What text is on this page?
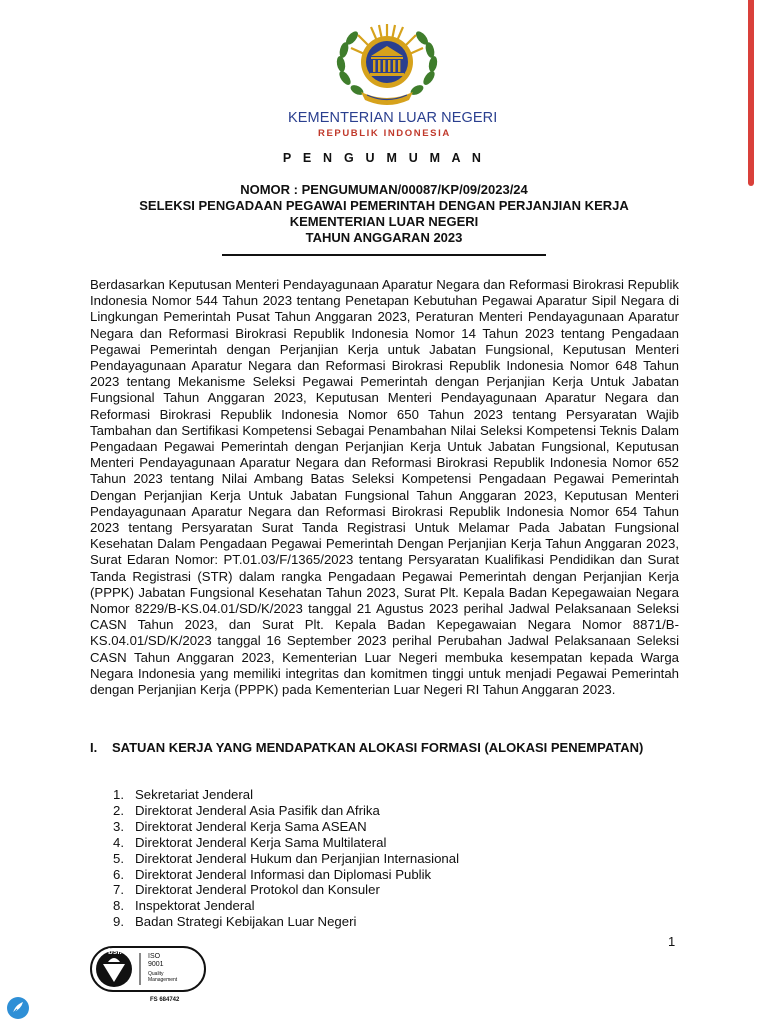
KEMENTERIAN LUAR NEGERI
REPUBLIK INDONESIA
P E N G U M U M A N
NOMOR : PENGUMUMAN/00087/KP/09/2023/24
SELEKSI PENGADAAN PEGAWAI PEMERINTAH DENGAN PERJANJIAN KERJA
KEMENTERIAN LUAR NEGERI
TAHUN ANGGARAN 2023
Berdasarkan Keputusan Menteri Pendayagunaan Aparatur Negara dan Reformasi Birokrasi Republik Indonesia Nomor 544 Tahun 2023 tentang Penetapan Kebutuhan Pegawai Aparatur Sipil Negara di Lingkungan Pemerintah Pusat Tahun Anggaran 2023, Peraturan Menteri Pendayagunaan Aparatur Negara dan Reformasi Birokrasi Republik Indonesia Nomor 14 Tahun 2023 tentang Pengadaan Pegawai Pemerintah dengan Perjanjian Kerja untuk Jabatan Fungsional, Keputusan Menteri Pendayagunaan Aparatur Negara dan Reformasi Birokrasi Republik Indonesia Nomor 648 Tahun 2023 tentang Mekanisme Seleksi Pegawai Pemerintah dengan Perjanjian Kerja Untuk Jabatan Fungsional Tahun Anggaran 2023, Keputusan Menteri Pendayagunaan Aparatur Negara dan Reformasi Birokrasi Republik Indonesia Nomor 650 Tahun 2023 tentang Persyaratan Wajib Tambahan dan Sertifikasi Kompetensi Sebagai Penambahan Nilai Seleksi Kompetensi Teknis Dalam Pengadaan Pegawai Pemerintah dengan Perjanjian Kerja Untuk Jabatan Fungsional, Keputusan Menteri Pendayagunaan Aparatur Negara dan Reformasi Birokrasi Republik Indonesia Nomor 652 Tahun 2023 tentang Nilai Ambang Batas Seleksi Kompetensi Pengadaan Pegawai Pemerintah Dengan Perjanjian Kerja Untuk Jabatan Fungsional Tahun Anggaran 2023, Keputusan Menteri Pendayagunaan Aparatur Negara dan Reformasi Birokrasi Republik Indonesia Nomor 654 Tahun 2023 tentang Persyaratan Surat Tanda Registrasi Untuk Melamar Pada Jabatan Fungsional Kesehatan Dalam Pengadaan Pegawai Pemerintah Dengan Perjanjian Kerja Tahun Anggaran 2023, Surat Edaran Nomor: PT.01.03/F/1365/2023 tentang Persyaratan Kualifikasi Pendidikan dan Surat Tanda Registrasi (STR) dalam rangka Pengadaan Pegawai Pemerintah dengan Perjanjian Kerja (PPPK) Jabatan Fungsional Kesehatan Tahun 2023, Surat Plt. Kepala Badan Kepegawaian Negara Nomor 8229/B-KS.04.01/SD/K/2023 tanggal 21 Agustus 2023 perihal Jadwal Pelaksanaan Seleksi CASN Tahun 2023, dan Surat Plt. Kepala Badan Kepegawaian Negara Nomor 8871/B-KS.04.01/SD/K/2023 tanggal 16 September 2023 perihal Perubahan Jadwal Pelaksanaan Seleksi CASN Tahun Anggaran 2023, Kementerian Luar Negeri membuka kesempatan kepada Warga Negara Indonesia yang memiliki integritas dan komitmen tinggi untuk menjadi Pegawai Pemerintah dengan Perjanjian Kerja (PPPK) pada Kementerian Luar Negeri RI Tahun Anggaran 2023.
I. SATUAN KERJA YANG MENDAPATKAN ALOKASI FORMASI (ALOKASI PENEMPATAN)
1. Sekretariat Jenderal
2. Direktorat Jenderal Asia Pasifik dan Afrika
3. Direktorat Jenderal Kerja Sama ASEAN
4. Direktorat Jenderal Kerja Sama Multilateral
5. Direktorat Jenderal Hukum dan Perjanjian Internasional
6. Direktorat Jenderal Informasi dan Diplomasi Publik
7. Direktorat Jenderal Protokol dan Konsuler
8. Inspektorat Jenderal
9. Badan Strategi Kebijakan Luar Negeri
1
bsi.
ISO
9001
Quality
Management
FS 684742
